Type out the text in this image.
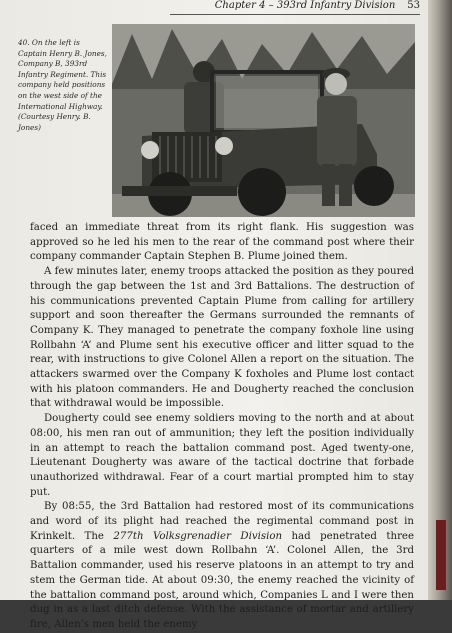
Chapter 4 – 393rd Infantry Division 53
40. On the left is Captain Henry B. Jones, Company B, 393rd Infantry Regiment. This company held positions on the west side of the International Highway. (Courtesy Henry. B. Jones)

faced an immediate threat from its right flank. His suggestion was approved so he led his men to the rear of the command post where their company commander Captain Stephen B. Plume joined them.

A few minutes later, enemy troops attacked the position as they poured through the gap between the 1st and 3rd Battalions. The destruction of his communications prevented Captain Plume from calling for artillery support and soon thereafter the Germans surrounded the remnants of Company K. They managed to penetrate the company foxhole line using Rollbahn ‘A’ and Plume sent his executive officer and litter squad to the rear, with instructions to give Colonel Allen a report on the situation. The attackers swarmed over the Company K foxholes and Plume lost contact with his platoon commanders. He and Dougherty reached the conclusion that withdrawal would be impossible.

Dougherty could see enemy soldiers moving to the north and at about 08:00, his men ran out of ammunition; they left the position individually in an attempt to reach the battalion command post. Aged twenty-one, Lieutenant Dougherty was aware of the tactical doctrine that forbade unauthorized withdrawal. Fear of a court martial prompted him to stay put.

By 08:55, the 3rd Battalion had restored most of its communications and word of its plight had reached the regimental command post in Krinkelt. The 277th Volksgrenadier Division had penetrated three quarters of a mile west down Rollbahn ‘A’. Colonel Allen, the 3rd Battalion commander, used his reserve platoons in an attempt to try and stem the German tide. At about 09:30, the enemy reached the vicinity of the battalion command post, around which, Companies L and I were then dug in as a last ditch defense. With the assistance of mortar and artillery fire, Allen’s men held the enemy
